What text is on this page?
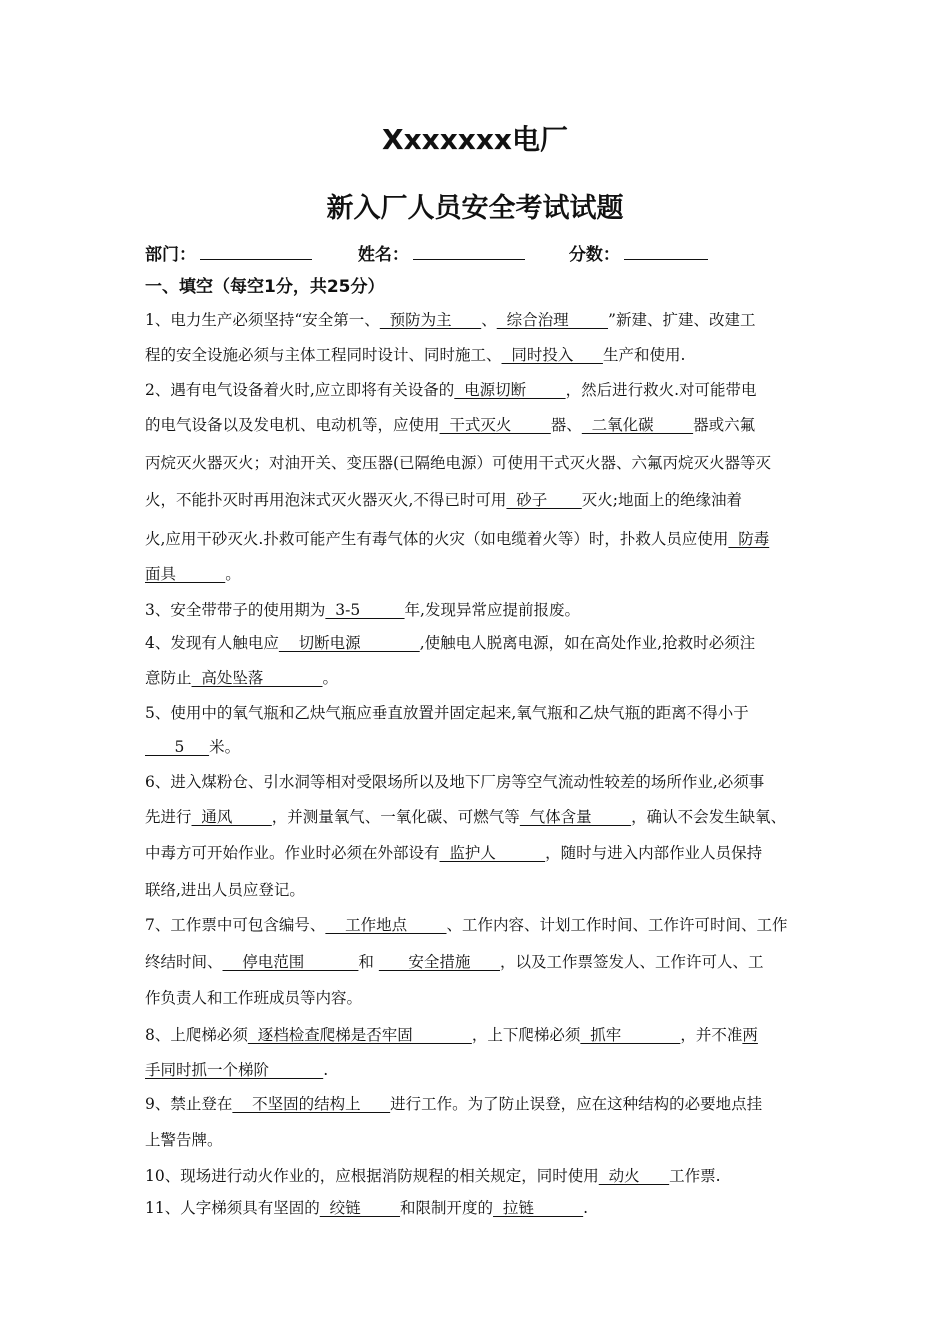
Xxxxxxx电厂
新入厂人员安全考试试题
部门：	姓名：	分数：
一、填空（每空1分，共25分）
1、电力生产必须坚持“安全第一、  预防为主      、  综合治理        ”新建、扩建、改建工
程的安全设施必须与主体工程同时设计、同时施工、  同时投入      生产和使用.
2、遇有电气设备着火时,应立即将有关设备的  电源切断        ，然后进行救火.对可能带电
的电气设备以及发电机、电动机等，应使用  干式灭火        器、  二氧化碳        器或六氟
丙烷灭火器灭火；对油开关、变压器(已隔绝电源）可使用干式灭火器、六氟丙烷灭火器等灭
火，不能扑灭时再用泡沫式灭火器灭火,不得已时可用  砂子       灭火;地面上的绝缘油着
火,应用干砂灭火.扑救可能产生有毒气体的火灾（如电缆着火等）时，扑救人员应使用  防毒
面具          。
3、安全带带子的使用期为  3-5         年,发现异常应提前报废。
4、发现有人触电应    切断电源            ,使触电人脱离电源，如在高处作业,抢救时必须注
意防止  高处坠落            。
5、使用中的氧气瓶和乙炔气瓶应垂直放置并固定起来,氧气瓶和乙炔气瓶的距离不得小于
5     米。
6、进入煤粉仓、引水洞等相对受限场所以及地下厂房等空气流动性较差的场所作业,必须事
先进行  通风        ，并测量氧气、一氧化碳、可燃气等  气体含量        ，确认不会发生缺氧、
中毒方可开始作业。作业时必须在外部设有  监护人          ，随时与进入内部作业人员保持
联络,进出人员应登记。
7、工作票中可包含编号、    工作地点        、工作内容、计划工作时间、工作许可时间、工作
终结时间、    停电范围           和       安全措施      ，以及工作票签发人、工作许可人、工
作负责人和工作班成员等内容。
8、上爬梯必须  逐档检查爬梯是否牢固            ，上下爬梯必须  抓牢            ，并不准两
手同时抓一个梯阶           .
9、禁止登在    不坚固的结构上      进行工作。为了防止误登，应在这种结构的必要地点挂
上警告牌。
10、现场进行动火作业的，应根据消防规程的相关规定，同时使用  动火      工作票.
11、人字梯须具有坚固的  绞链        和限制开度的  拉链          .
